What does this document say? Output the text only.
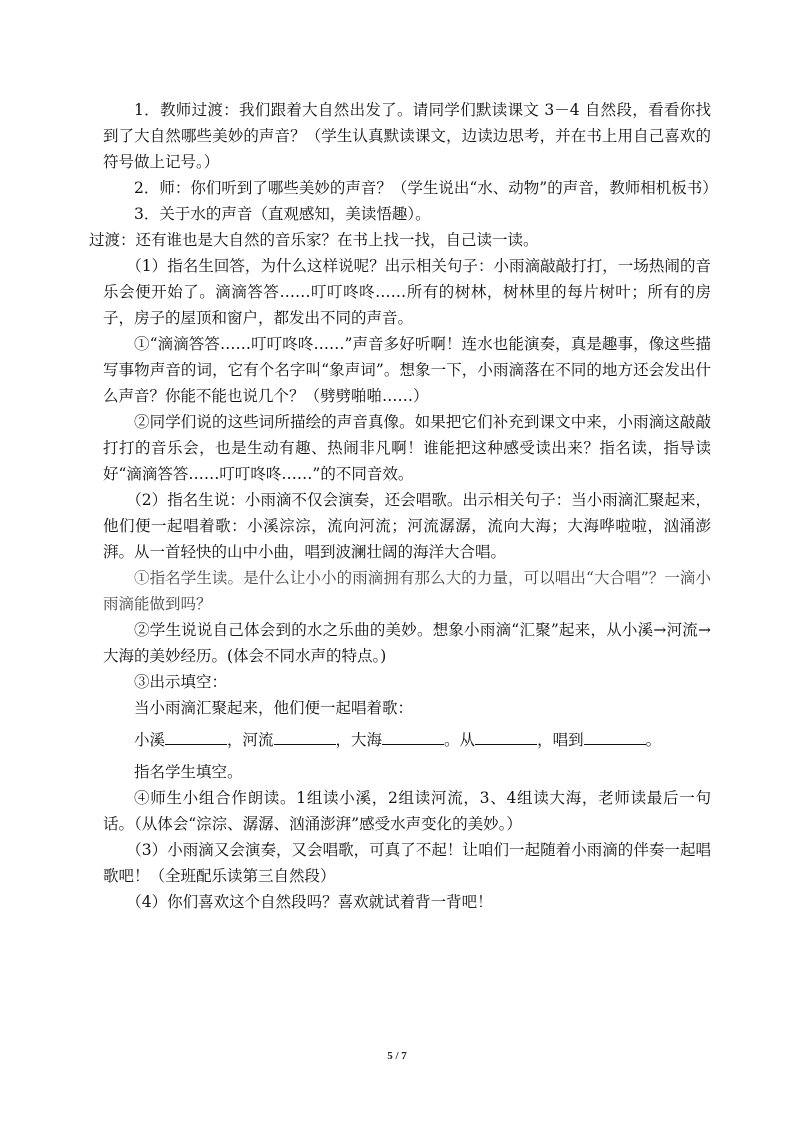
1．教师过渡：我们跟着大自然出发了。请同学们默读课文 3－4 自然段，看看你找到了大自然哪些美妙的声音？（学生认真默读课文，边读边思考，并在书上用自己喜欢的符号做上记号。）

2．师：你们听到了哪些美妙的声音？（学生说出“水、动物”的声音，教师相机板书）

3．关于水的声音（直观感知，美读悟趣）。

过渡：还有谁也是大自然的音乐家？在书上找一找，自己读一读。

（1）指名生回答，为什么这样说呢？出示相关句子：小雨滴敲敲打打，一场热闹的音乐会便开始了。滴滴答答……叮叮咚咚……所有的树林，树林里的每片树叶；所有的房子，房子的屋顶和窗户，都发出不同的声音。

①“滴滴答答……叮叮咚咚……”声音多好听啊！连水也能演奏，真是趣事，像这些描写事物声音的词，它有个名字叫“象声词”。想象一下，小雨滴落在不同的地方还会发出什么声音？你能不能也说几个？（劈劈啪啪……）

②同学们说的这些词所描绘的声音真像。如果把它们补充到课文中来，小雨滴这敲敲打打的音乐会，也是生动有趣、热闹非凡啊！谁能把这种感受读出来？指名读，指导读好“滴滴答答……叮叮咚咚……”的不同音效。

（2）指名生说：小雨滴不仅会演奏，还会唱歌。出示相关句子：当小雨滴汇聚起来，他们便一起唱着歌：小溪淙淙，流向河流；河流潺潺，流向大海；大海哗啦啦，汹涌澎湃。从一首轻快的山中小曲，唱到波澜壮阔的海洋大合唱。

①指名学生读。是什么让小小的雨滴拥有那么大的力量，可以唱出“大合唱”？一滴小雨滴能做到吗？

②学生说说自己体会到的水之乐曲的美妙。想象小雨滴“汇聚”起来，从小溪→河流→大海的美妙经历。(体会不同水声的特点。)

③出示填空：

当小雨滴汇聚起来，他们便一起唱着歌：

小溪	，河流	，大海	。从	，唱到	。

指名学生填空。

④师生小组合作朗读。1组读小溪，2组读河流，3、4组读大海，老师读最后一句话。（从体会“淙淙、潺潺、汹涌澎湃”感受水声变化的美妙。）

（3）小雨滴又会演奏，又会唱歌，可真了不起！让咱们一起随着小雨滴的伴奏一起唱歌吧！（全班配乐读第三自然段）

（4）你们喜欢这个自然段吗？喜欢就试着背一背吧！

5 / 7
